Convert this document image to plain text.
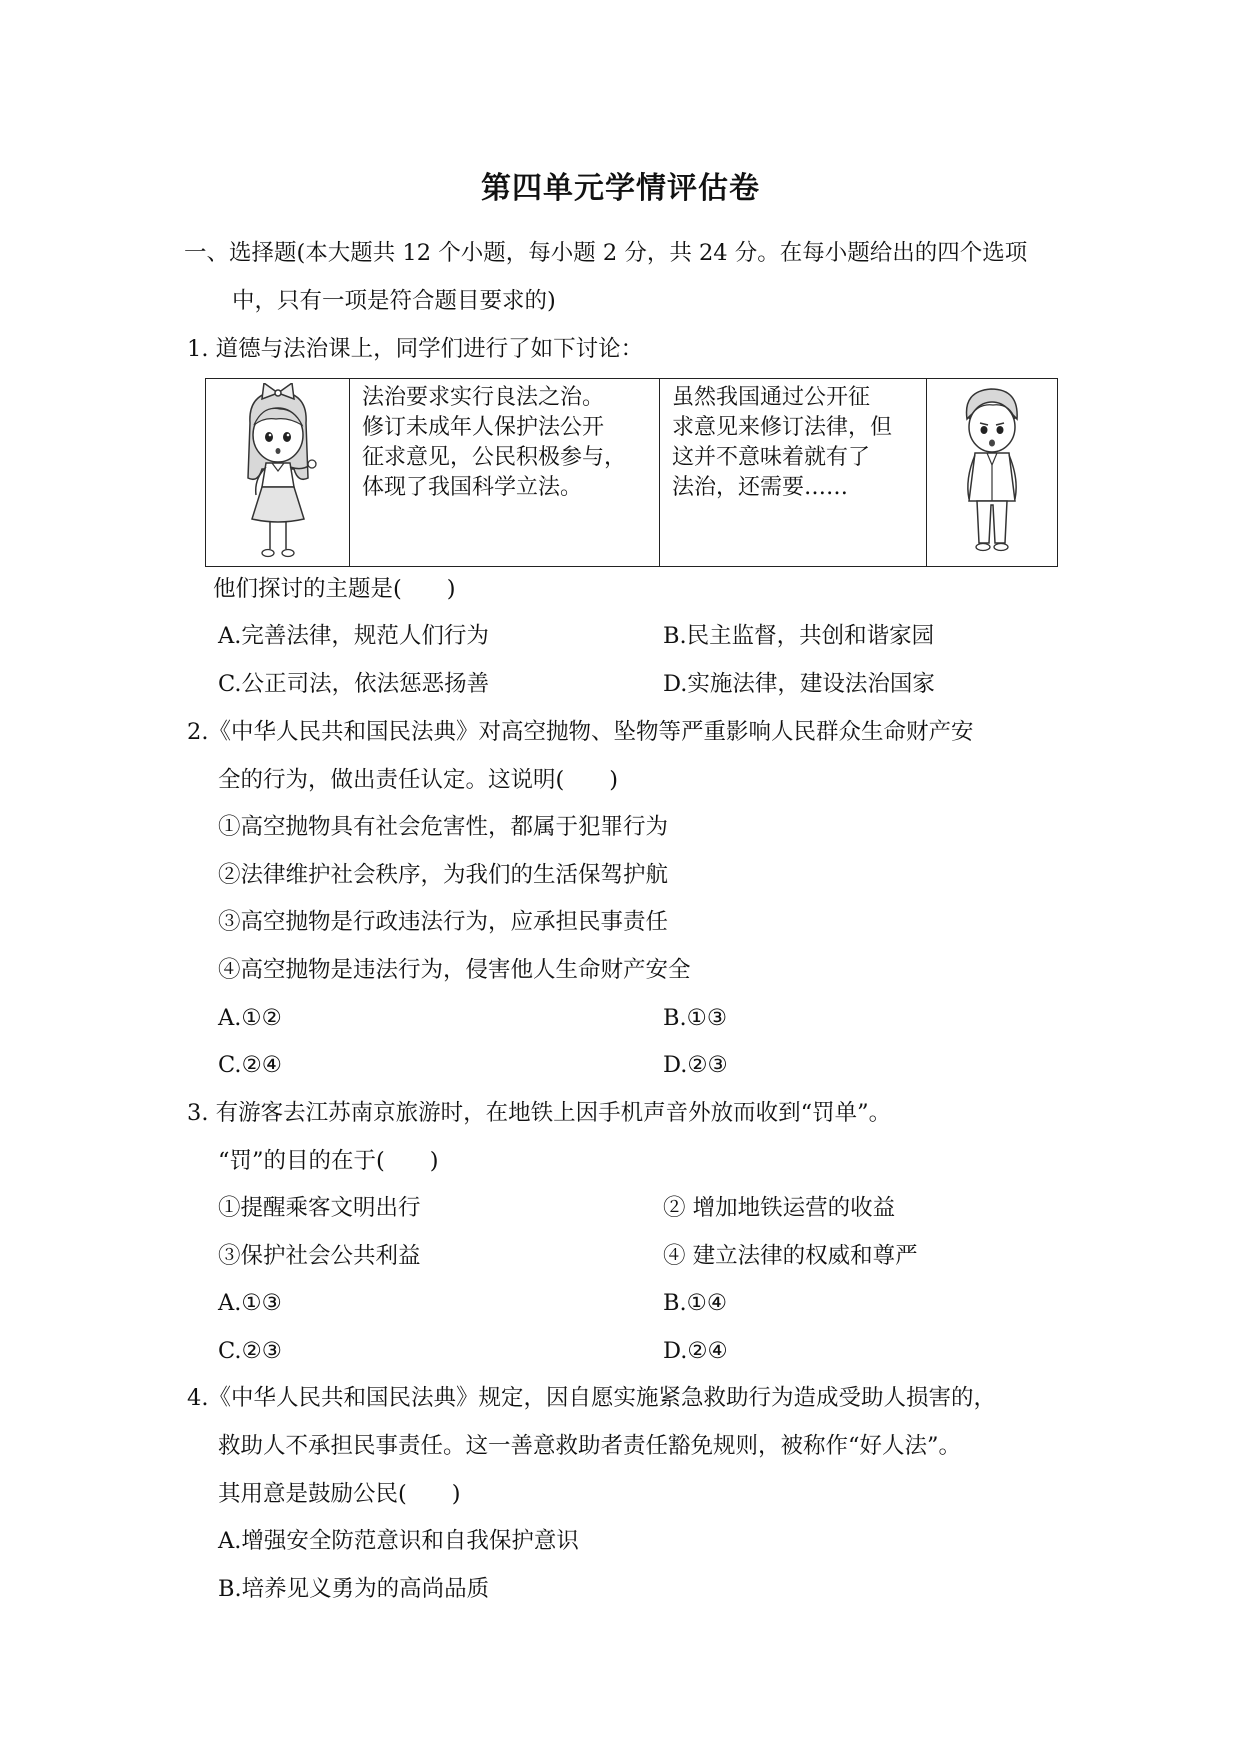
第四单元学情评估卷
一、选择题(本大题共 12 个小题，每小题 2 分，共 24 分。在每小题给出的四个选项
中，只有一项是符合题目要求的)
1. 道德与法治课上，同学们进行了如下讨论：

法治要求实行良法之治。
修订未成年人保护法公开
征求意见，公民积极参与，
体现了我国科学立法。

虽然我国通过公开征
求意见来修订法律，但
这并不意味着就有了
法治，还需要……

他们探讨的主题是(　　)
A.完善法律，规范人们行为	B.民主监督，共创和谐家园
C.公正司法，依法惩恶扬善	D.实施法律，建设法治国家
2.《中华人民共和国民法典》对高空抛物、坠物等严重影响人民群众生命财产安
全的行为，做出责任认定。这说明(　　)
①高空抛物具有社会危害性，都属于犯罪行为
②法律维护社会秩序，为我们的生活保驾护航
③高空抛物是行政违法行为，应承担民事责任
④高空抛物是违法行为，侵害他人生命财产安全
A.①②	B.①③
C.②④	D.②③
3. 有游客去江苏南京旅游时，在地铁上因手机声音外放而收到“罚单”。
“罚”的目的在于(　　)
①提醒乘客文明出行	② 增加地铁运营的收益
③保护社会公共利益	④ 建立法律的权威和尊严
A.①③	B.①④
C.②③	D.②④
4.《中华人民共和国民法典》规定，因自愿实施紧急救助行为造成受助人损害的，
救助人不承担民事责任。这一善意救助者责任豁免规则，被称作“好人法”。
其用意是鼓励公民(　　)
A.增强安全防范意识和自我保护意识
B.培养见义勇为的高尚品质
